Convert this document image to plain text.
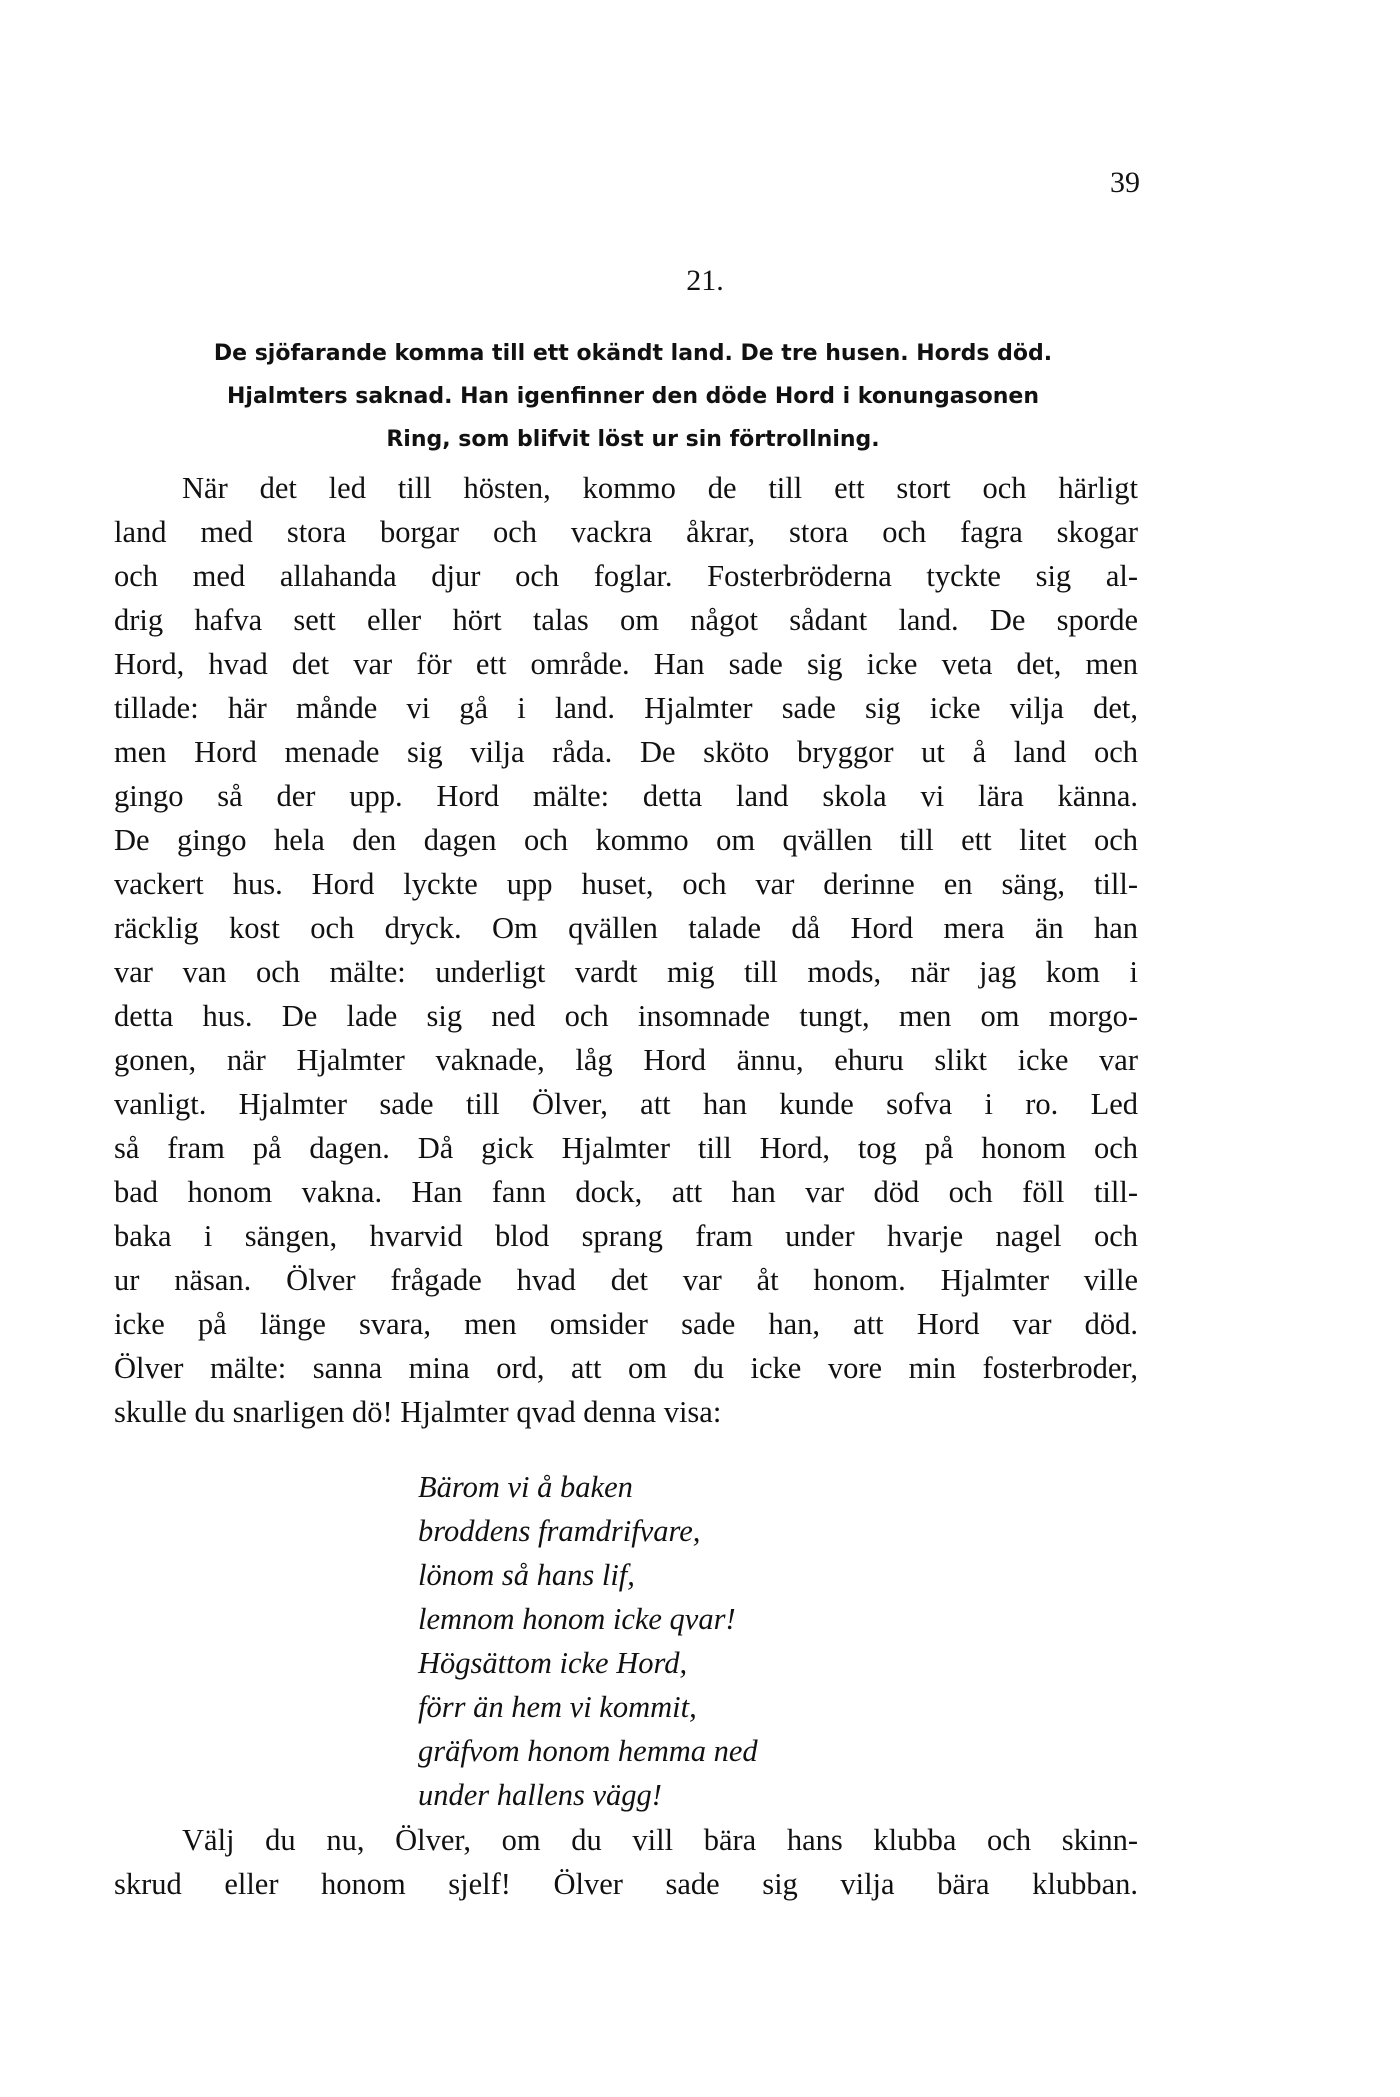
39
21.
De sjöfarande komma till ett okändt land. De tre husen. Hords död.
Hjalmters saknad. Han igenfinner den döde Hord i konungasonen
Ring, som blifvit löst ur sin förtrollning.
När det led till hösten, kommo de till ett stort och härligt
land med stora borgar och vackra åkrar, stora och fagra skogar
och med allahanda djur och foglar. Fosterbröderna tyckte sig al-
drig hafva sett eller hört talas om något sådant land. De sporde
Hord, hvad det var för ett område. Han sade sig icke veta det, men
tillade: här månde vi gå i land. Hjalmter sade sig icke vilja det,
men Hord menade sig vilja råda. De sköto bryggor ut å land och
gingo så der upp. Hord mälte: detta land skola vi lära känna.
De gingo hela den dagen och kommo om qvällen till ett litet och
vackert hus. Hord lyckte upp huset, och var derinne en säng, till-
räcklig kost och dryck. Om qvällen talade då Hord mera än han
var van och mälte: underligt vardt mig till mods, när jag kom i
detta hus. De lade sig ned och insomnade tungt, men om morgo-
gonen, när Hjalmter vaknade, låg Hord ännu, ehuru slikt icke var
vanligt. Hjalmter sade till Ölver, att han kunde sofva i ro. Led
så fram på dagen. Då gick Hjalmter till Hord, tog på honom och
bad honom vakna. Han fann dock, att han var död och föll till-
baka i sängen, hvarvid blod sprang fram under hvarje nagel och
ur näsan. Ölver frågade hvad det var åt honom. Hjalmter ville
icke på länge svara, men omsider sade han, att Hord var död.
Ölver mälte: sanna mina ord, att om du icke vore min fosterbroder,
skulle du snarligen dö! Hjalmter qvad denna visa:
Bärom vi å baken
broddens framdrifvare,
lönom så hans lif,
lemnom honom icke qvar!
Högsättom icke Hord,
förr än hem vi kommit,
gräfvom honom hemma ned
under hallens vägg!
Välj du nu, Ölver, om du vill bära hans klubba och skinn-
skrud eller honom sjelf! Ölver sade sig vilja bära klubban.
